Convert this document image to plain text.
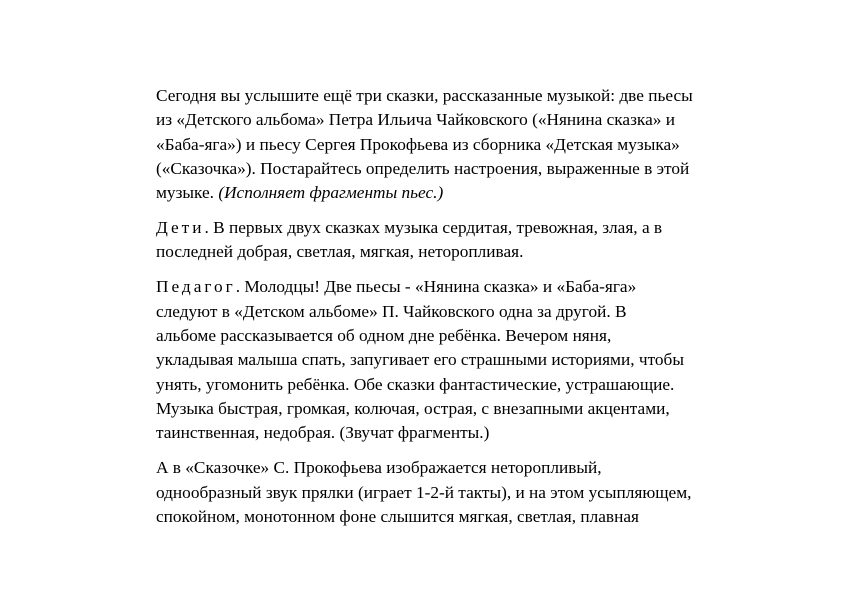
Сегодня вы услышите ещё три сказки, рассказанные музыкой: две пьесы
из «Детского альбома» Петра Ильича Чайковского («Нянина сказка» и
«Баба-яга») и пьесу Сергея Прокофьева из сборника «Детская музыка»
(«Сказочка»). Постарайтесь определить настроения, выраженные в этой
музыке. (Исполняет фрагменты пьес.)
Дети. В первых двух сказках музыка сердитая, тревожная, злая, а в
последней добрая, светлая, мягкая, неторопливая.
Педагог. Молодцы! Две пьесы - «Нянина сказка» и «Баба-яга»
следуют в «Детском альбоме» П. Чайковского одна за другой. В
альбоме рассказывается об одном дне ребёнка. Вечером няня,
укладывая малыша спать, запугивает его страшными историями, чтобы
унять, угомонить ребёнка. Обе сказки фантастические, устрашающие.
Музыка быстрая, громкая, колючая, острая, с внезапными акцентами,
таинственная, недобрая. (Звучат фрагменты.)
А в «Сказочке» С. Прокофьева изображается неторопливый,
однообразный звук прялки (играет 1-2-й такты), и на этом усыпляющем,
спокойном, монотонном фоне слышится мягкая, светлая, плавная
